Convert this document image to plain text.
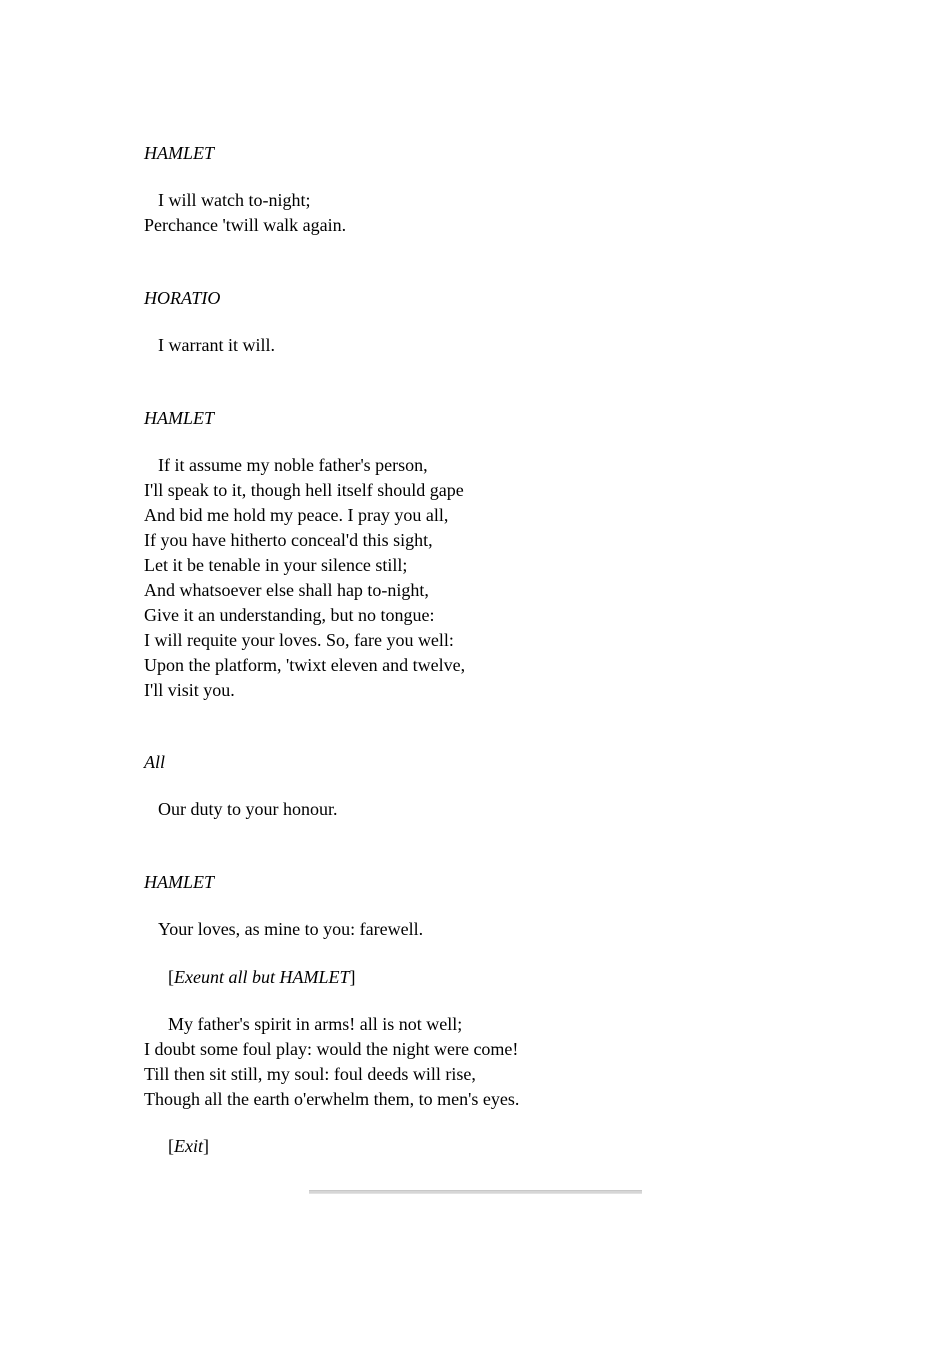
HAMLET
I will watch to-night;
Perchance 'twill walk again.
HORATIO
I warrant it will.
HAMLET
If it assume my noble father's person,
I'll speak to it, though hell itself should gape
And bid me hold my peace. I pray you all,
If you have hitherto conceal'd this sight,
Let it be tenable in your silence still;
And whatsoever else shall hap to-night,
Give it an understanding, but no tongue:
I will requite your loves. So, fare you well:
Upon the platform, 'twixt eleven and twelve,
I'll visit you.
All
Our duty to your honour.
HAMLET
Your loves, as mine to you: farewell.
[Exeunt all but HAMLET]
My father's spirit in arms! all is not well;
I doubt some foul play: would the night were come!
Till then sit still, my soul: foul deeds will rise,
Though all the earth o'erwhelm them, to men's eyes.
[Exit]
